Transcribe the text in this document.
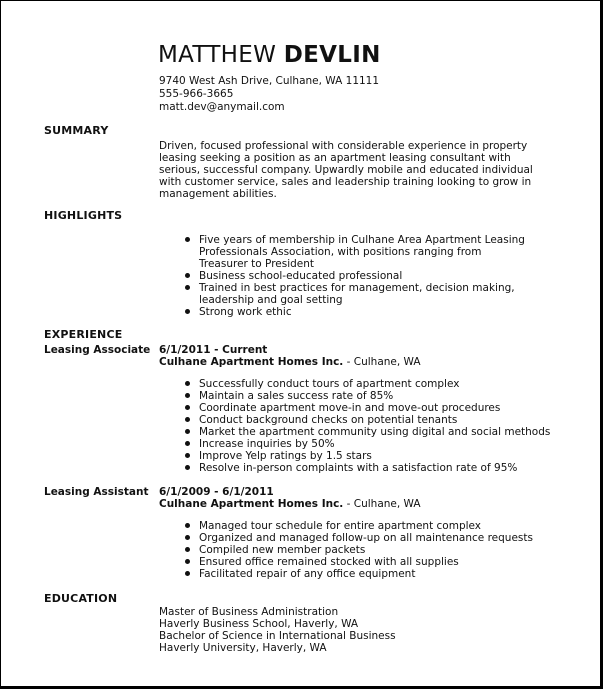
MATTHEW DEVLIN
9740 West Ash Drive, Culhane, WA 11111
555-966-3665
matt.dev@anymail.com
SUMMARY
Driven, focused professional with considerable experience in property leasing seeking a position as an apartment leasing consultant with serious, successful company. Upwardly mobile and educated individual with customer service, sales and leadership training looking to grow in management abilities.
HIGHLIGHTS
Five years of membership in Culhane Area Apartment Leasing Professionals Association, with positions ranging from Treasurer to President
Business school-educated professional
Trained in best practices for management, decision making, leadership and goal setting
Strong work ethic
EXPERIENCE
Leasing Associate 6/1/2011 - Current
Culhane Apartment Homes Inc. - Culhane, WA
Successfully conduct tours of apartment complex
Maintain a sales success rate of 85%
Coordinate apartment move-in and move-out procedures
Conduct background checks on potential tenants
Market the apartment community using digital and social methods
Increase inquiries by 50%
Improve Yelp ratings by 1.5 stars
Resolve in-person complaints with a satisfaction rate of 95%
Leasing Assistant 6/1/2009 - 6/1/2011
Culhane Apartment Homes Inc. - Culhane, WA
Managed tour schedule for entire apartment complex
Organized and managed follow-up on all maintenance requests
Compiled new member packets
Ensured office remained stocked with all supplies
Facilitated repair of any office equipment
EDUCATION
Master of Business Administration
Haverly Business School, Haverly, WA
Bachelor of Science in International Business
Haverly University, Haverly, WA
